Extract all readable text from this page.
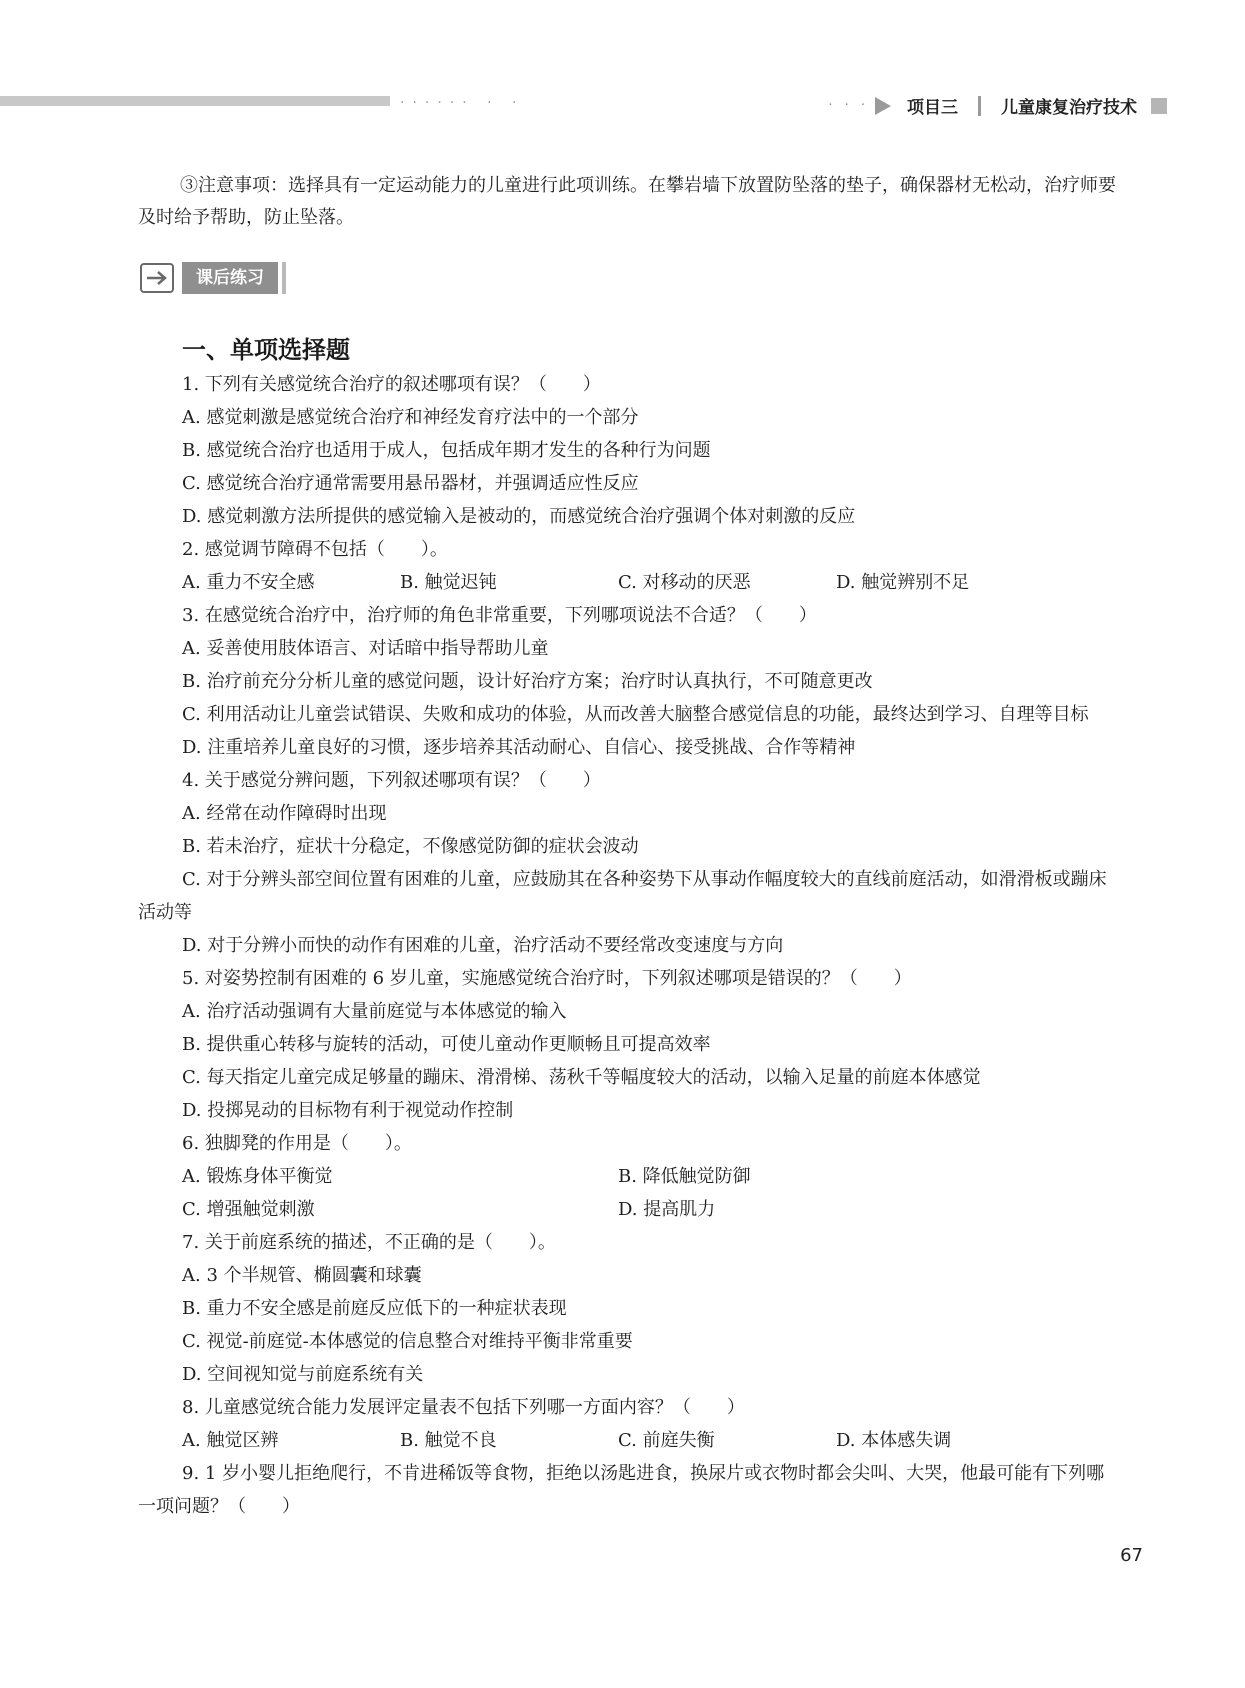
······ · ·	· · · 项目三	儿童康复治疗技术
③注意事项：选择具有一定运动能力的儿童进行此项训练。在攀岩墙下放置防坠落的垫子，确保器材无松动，治疗师要及时给予帮助，防止坠落。
课后练习
一、单项选择题
1. 下列有关感觉统合治疗的叙述哪项有误？（　　）
A. 感觉刺激是感觉统合治疗和神经发育疗法中的一个部分
B. 感觉统合治疗也适用于成人，包括成年期才发生的各种行为问题
C. 感觉统合治疗通常需要用悬吊器材，并强调适应性反应
D. 感觉刺激方法所提供的感觉输入是被动的，而感觉统合治疗强调个体对刺激的反应
2. 感觉调节障碍不包括（　　）。
A. 重力不安全感	B. 触觉迟钝	C. 对移动的厌恶	D. 触觉辨别不足
3. 在感觉统合治疗中，治疗师的角色非常重要，下列哪项说法不合适？（　　）
A. 妥善使用肢体语言、对话暗中指导帮助儿童
B. 治疗前充分分析儿童的感觉问题，设计好治疗方案；治疗时认真执行，不可随意更改
C. 利用活动让儿童尝试错误、失败和成功的体验，从而改善大脑整合感觉信息的功能，最终达到学习、自理等目标
D. 注重培养儿童良好的习惯，逐步培养其活动耐心、自信心、接受挑战、合作等精神
4. 关于感觉分辨问题，下列叙述哪项有误？（　　）
A. 经常在动作障碍时出现
B. 若未治疗，症状十分稳定，不像感觉防御的症状会波动
C. 对于分辨头部空间位置有困难的儿童，应鼓励其在各种姿势下从事动作幅度较大的直线前庭活动，如滑滑板或蹦床活动等
D. 对于分辨小而快的动作有困难的儿童，治疗活动不要经常改变速度与方向
5. 对姿势控制有困难的 6 岁儿童，实施感觉统合治疗时，下列叙述哪项是错误的？（　　）
A. 治疗活动强调有大量前庭觉与本体感觉的输入
B. 提供重心转移与旋转的活动，可使儿童动作更顺畅且可提高效率
C. 每天指定儿童完成足够量的蹦床、滑滑梯、荡秋千等幅度较大的活动，以输入足量的前庭本体感觉
D. 投掷晃动的目标物有利于视觉动作控制
6. 独脚凳的作用是（　　）。
A. 锻炼身体平衡觉	B. 降低触觉防御
C. 增强触觉刺激	D. 提高肌力
7. 关于前庭系统的描述，不正确的是（　　）。
A. 3 个半规管、椭圆囊和球囊
B. 重力不安全感是前庭反应低下的一种症状表现
C. 视觉-前庭觉-本体感觉的信息整合对维持平衡非常重要
D. 空间视知觉与前庭系统有关
8. 儿童感觉统合能力发展评定量表不包括下列哪一方面内容？（　　）
A. 触觉区辨	B. 触觉不良	C. 前庭失衡	D. 本体感失调
9. 1 岁小婴儿拒绝爬行，不肯进稀饭等食物，拒绝以汤匙进食，换尿片或衣物时都会尖叫、大哭，他最可能有下列哪一项问题？（　　）
67
